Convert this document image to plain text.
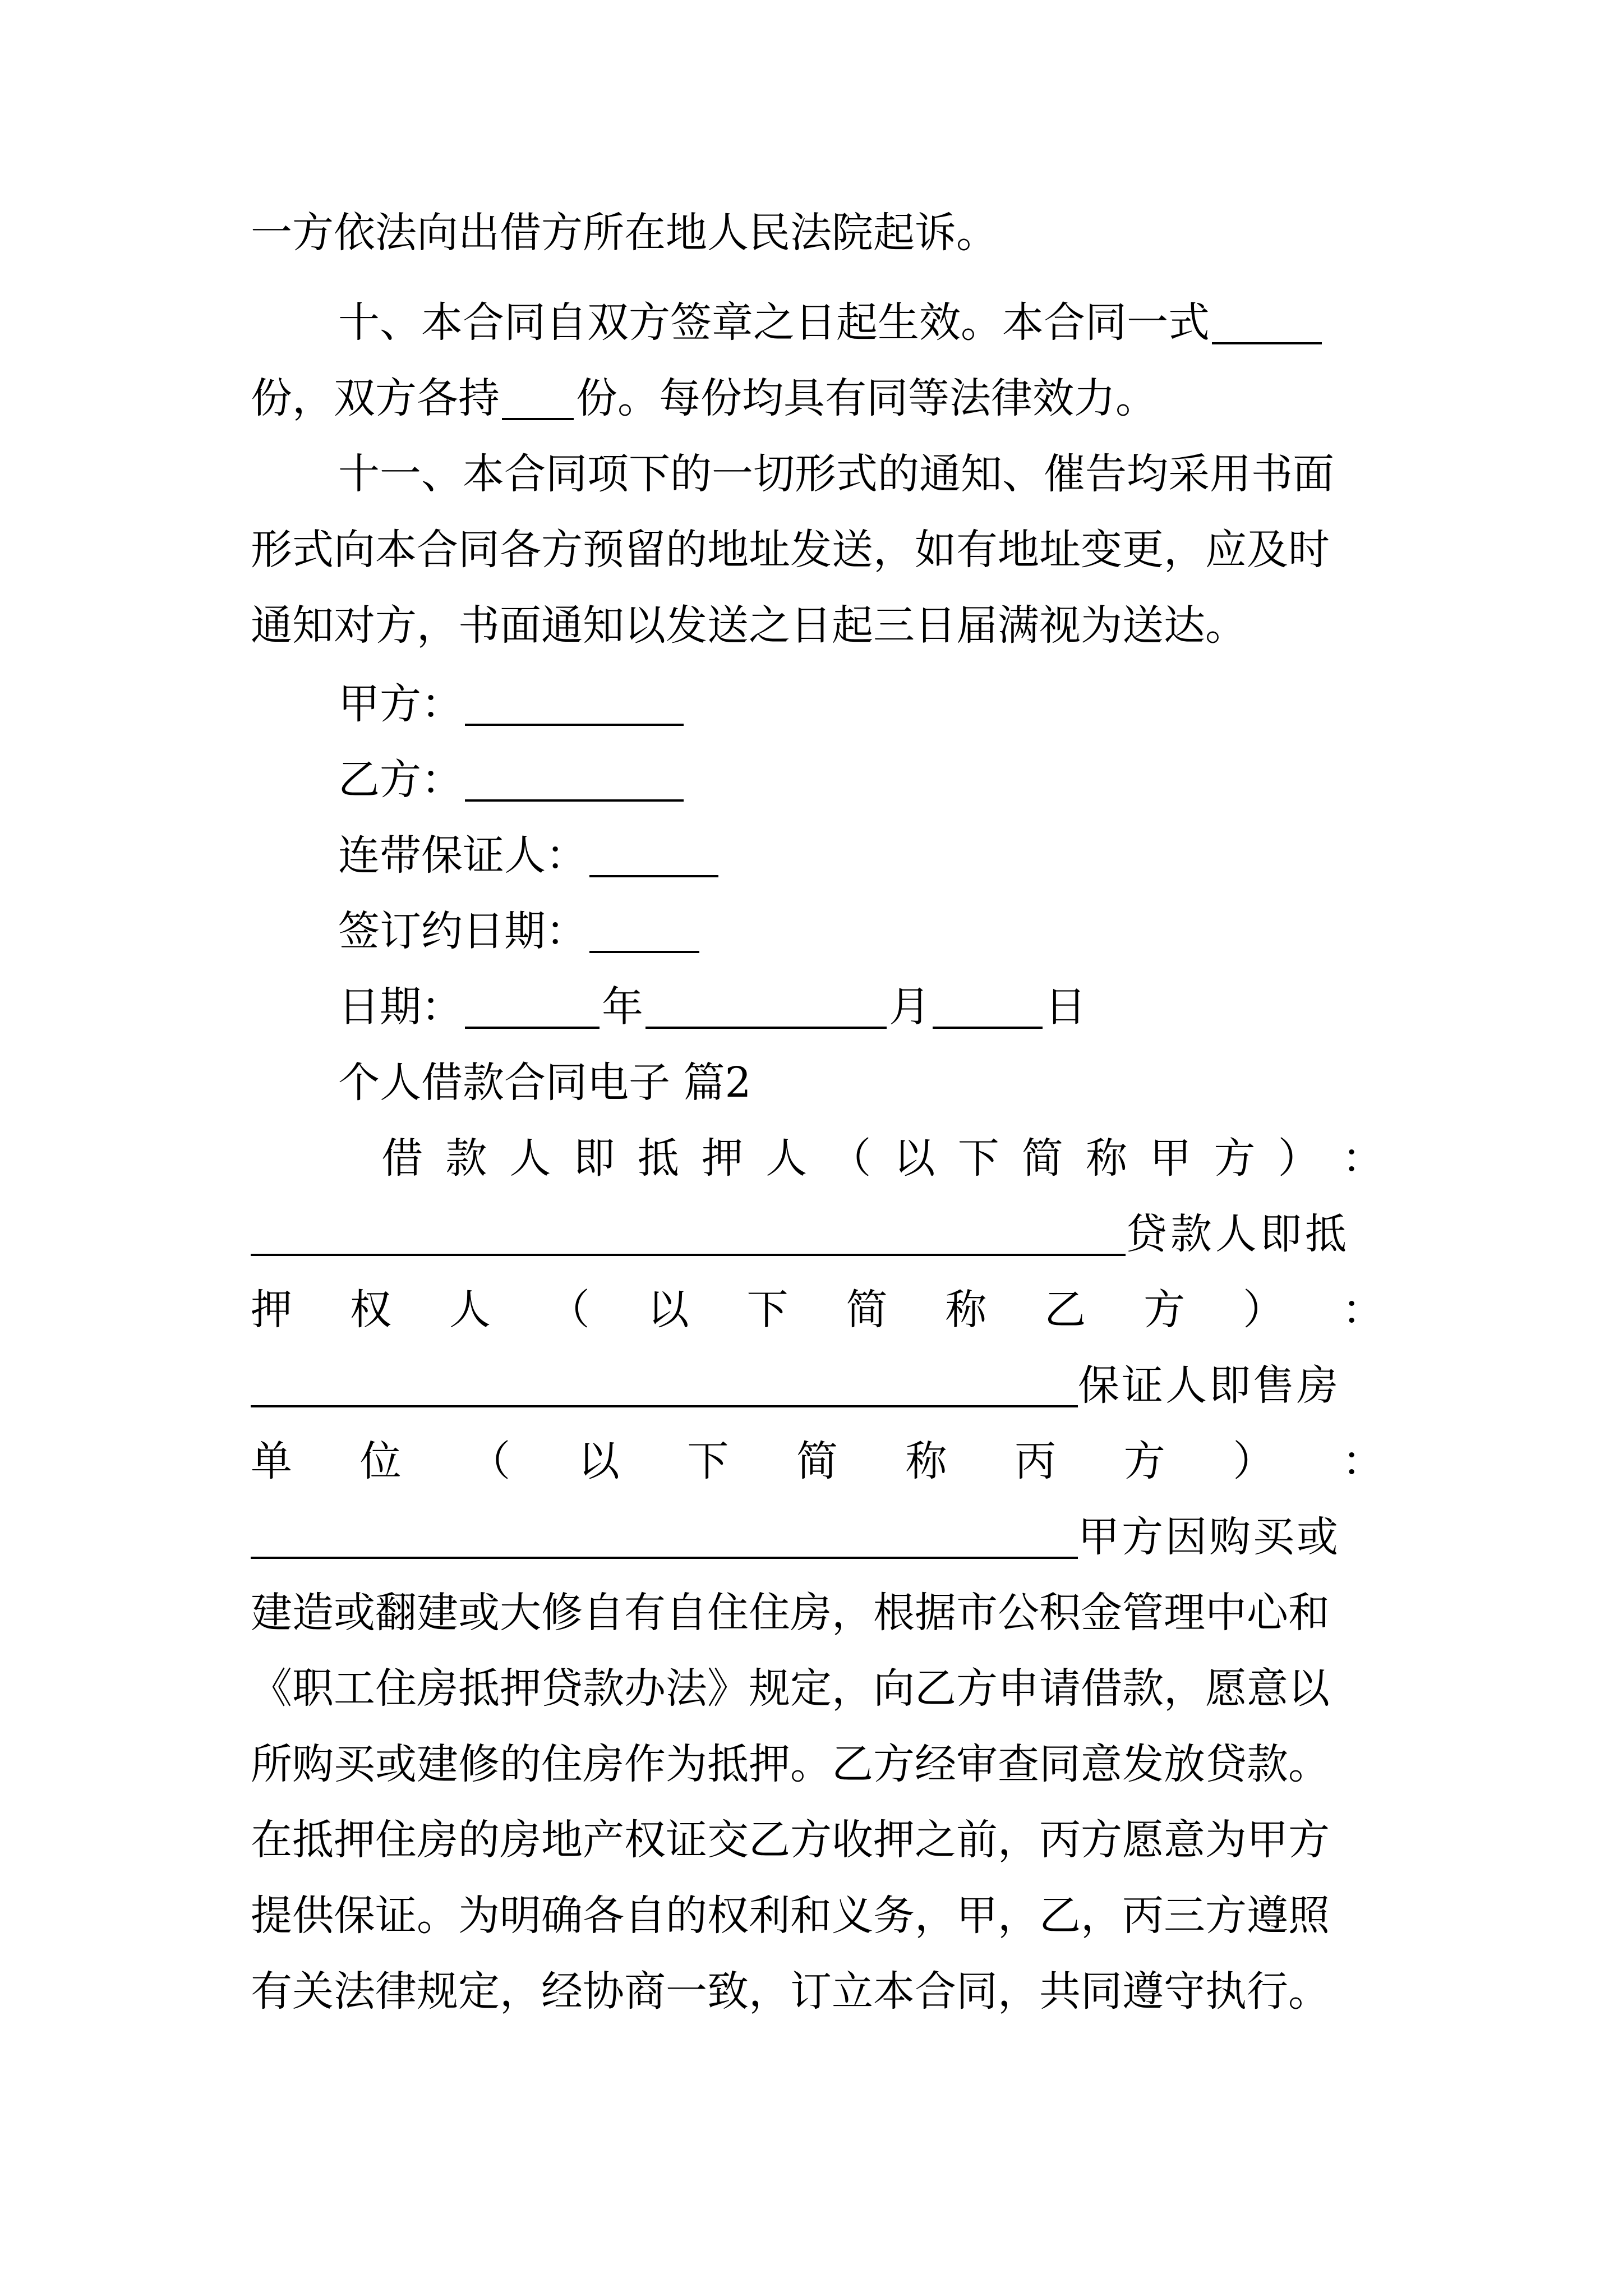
一方依法向出借方所在地人民法院起诉。
十、本合同自双方签章之日起生效。本合同一式
份，双方各持 份。每份均具有同等法律效力。
十一、本合同项下的一切形式的通知、催告均采用书面
形式向本合同各方预留的地址发送，如有地址变更，应及时
通知对方，书面通知以发送之日起三日届满视为送达。
甲方：
乙方：
连带保证人：
签订约日期：
日期：	年	月	日
个人借款合同电子 篇2
借 款 人 即 抵 押 人 （ 以 下 简 称 甲 方 ） ：
贷款人即抵
押 权 人 （ 以 下 简 称 乙 方 ） ：
保证人即售房
单 位 （ 以 下 简 称 丙 方 ） ：
甲方因购买或
建造或翻建或大修自有自住住房，根据市公积金管理中心和
《职工住房抵押贷款办法》规定，向乙方申请借款，愿意以
所购买或建修的住房作为抵押。乙方经审查同意发放贷款。
在抵押住房的房地产权证交乙方收押之前，丙方愿意为甲方
提供保证。为明确各自的权利和义务，甲，乙，丙三方遵照
有关法律规定，经协商一致，订立本合同，共同遵守执行。
